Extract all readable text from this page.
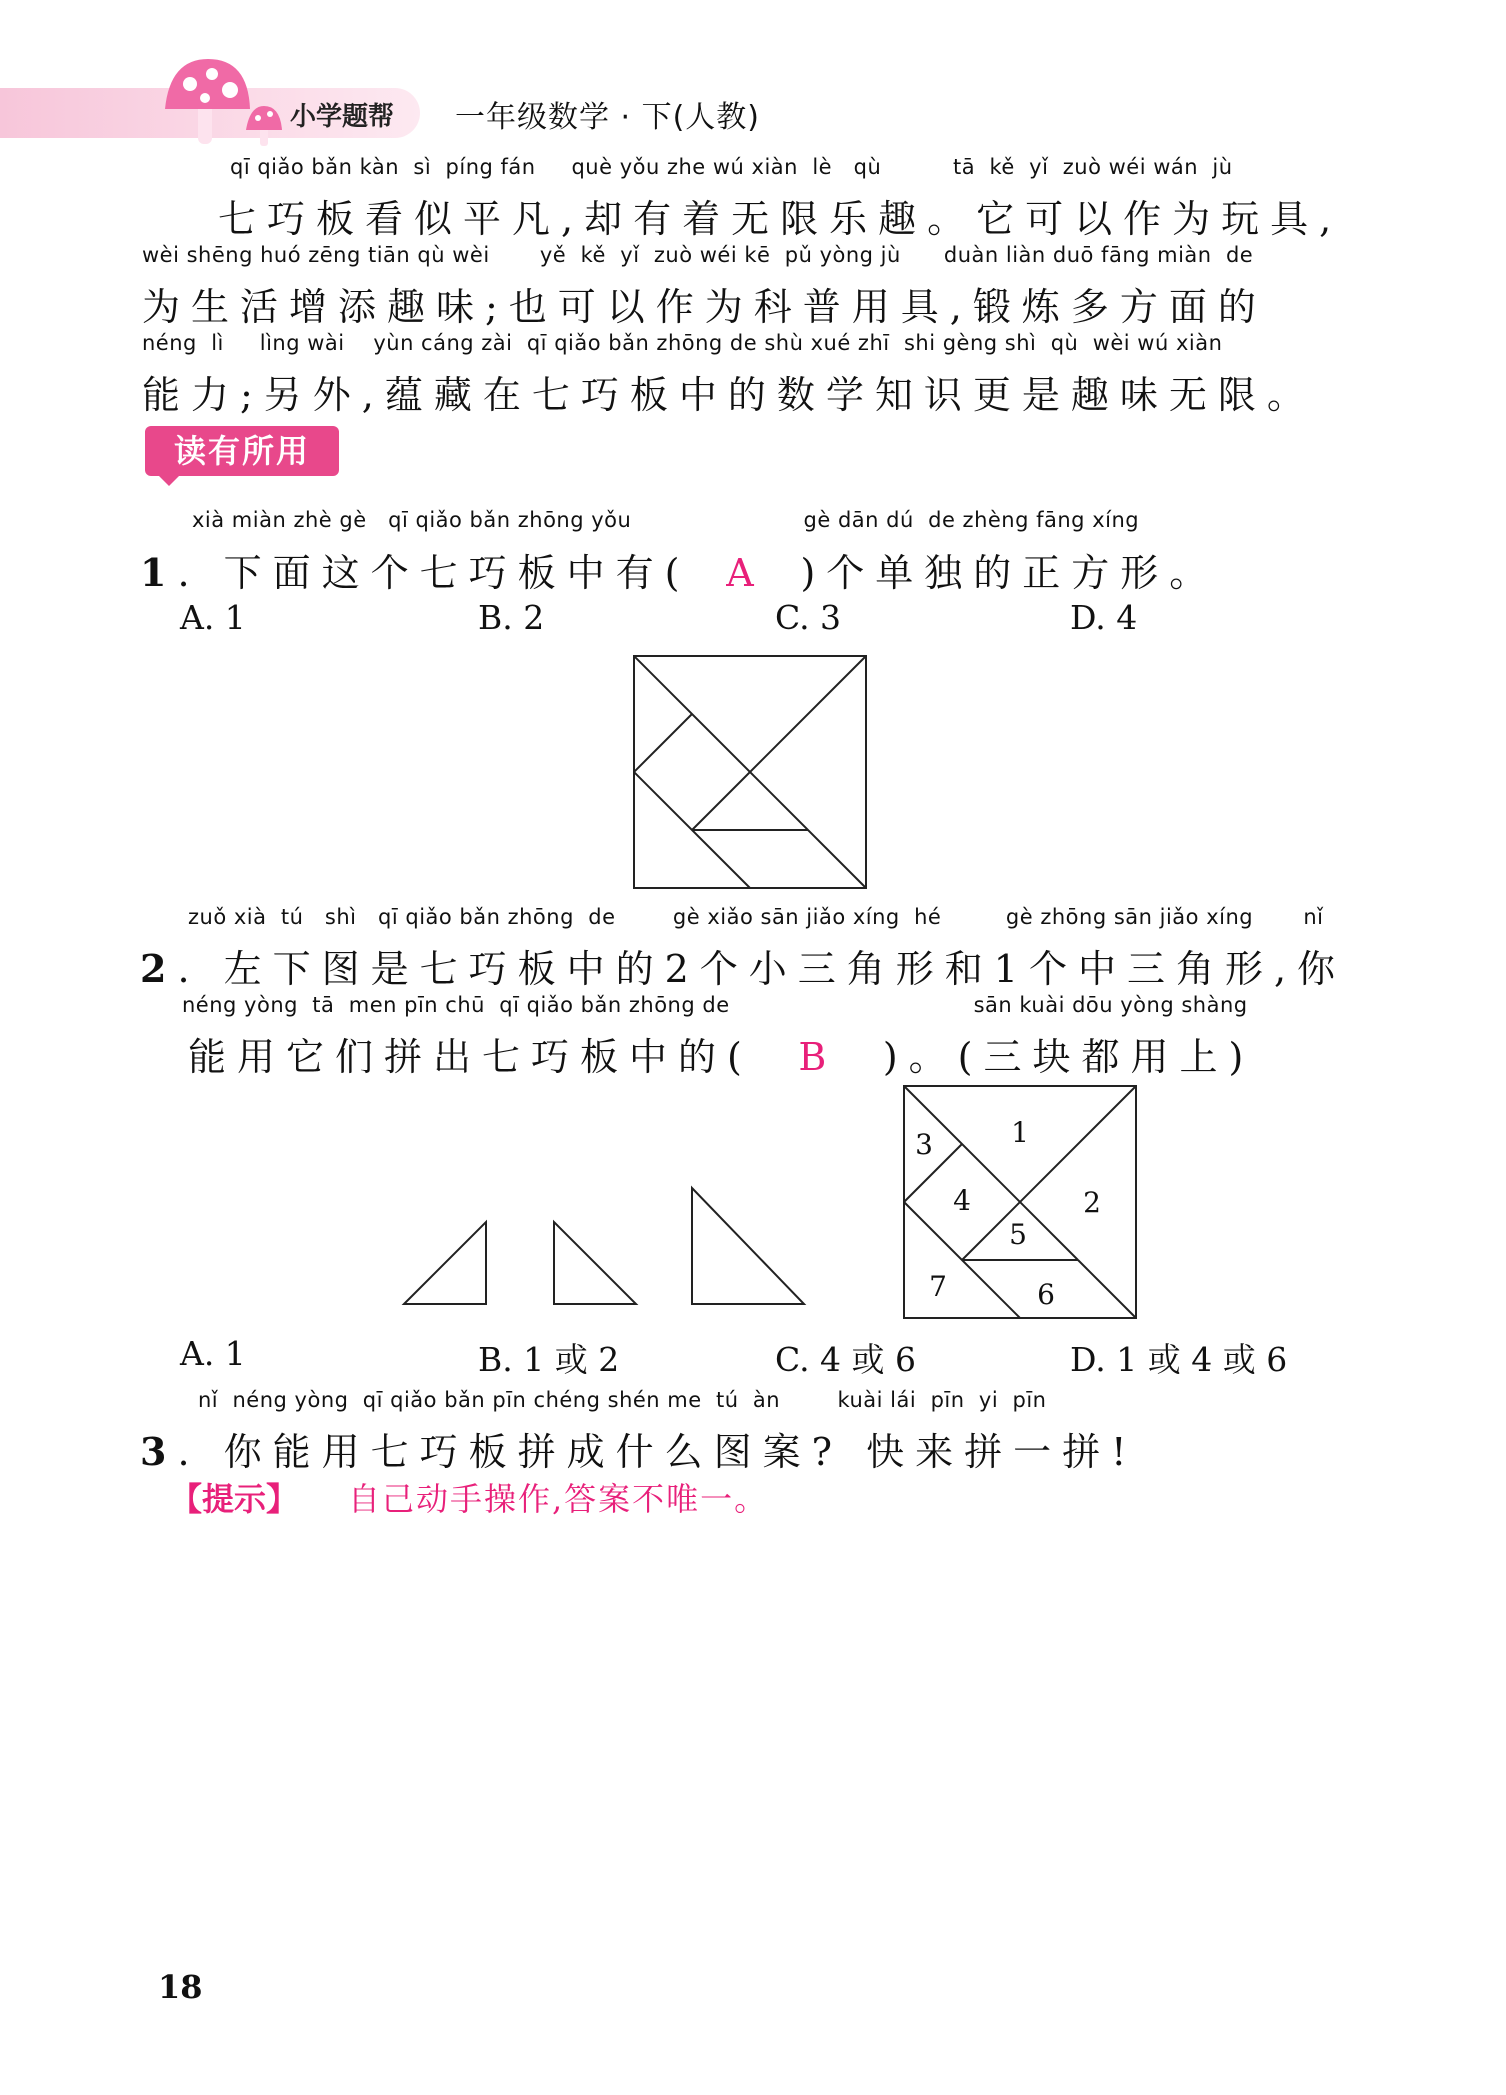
小学题帮 一年级数学 · 下(人教)
qī qiǎo bǎn kàn  sì  píng fán     què yǒu zhe wú xiàn  lè   qù          tā  kě  yǐ  zuò wéi wán  jù
七巧板看似平凡,却有着无限乐趣。它可以作为玩具,
wèi shēng huó zēng tiān qù wèi       yě  kě  yǐ  zuò wéi kē  pǔ yòng jù      duàn liàn duō fāng miàn  de
为生活增添趣味;也可以作为科普用具,锻炼多方面的
néng  lì     lìng wài    yùn cáng zài  qī qiǎo bǎn zhōng de shù xué zhī  shi gèng shì  qù  wèi wú xiàn
能力;另外,蕴藏在七巧板中的数学知识更是趣味无限。
读有所用
xià miàn zhè gè   qī qiǎo bǎn zhōng yǒu                        gè dān dú  de zhèng fāng xíng
1. 下面这个七巧板中有( A )个单独的正方形。
A. 1	B. 2	C. 3	D. 4
zuǒ xià  tú   shì   qī qiǎo bǎn zhōng  de        gè xiǎo sān jiǎo xíng  hé         gè zhōng sān jiǎo xíng       nǐ
2. 左下图是七巧板中的2个小三角形和1个中三角形,你
néng yòng  tā  men pīn chū  qī qiǎo bǎn zhōng de                                  sān kuài dōu yòng shàng
能用它们拼出七巧板中的( B )。(三块都用上)
1
2
3
4
5
6
7
A. 1	B. 1 或 2	C. 4 或 6	D. 1 或 4 或 6
nǐ  néng yòng  qī qiǎo bǎn pīn chéng shén me  tú  àn        kuài lái  pīn  yi  pīn
3. 你能用七巧板拼成什么图案? 快来拼一拼!
【提示】 自己动手操作,答案不唯一。
18
